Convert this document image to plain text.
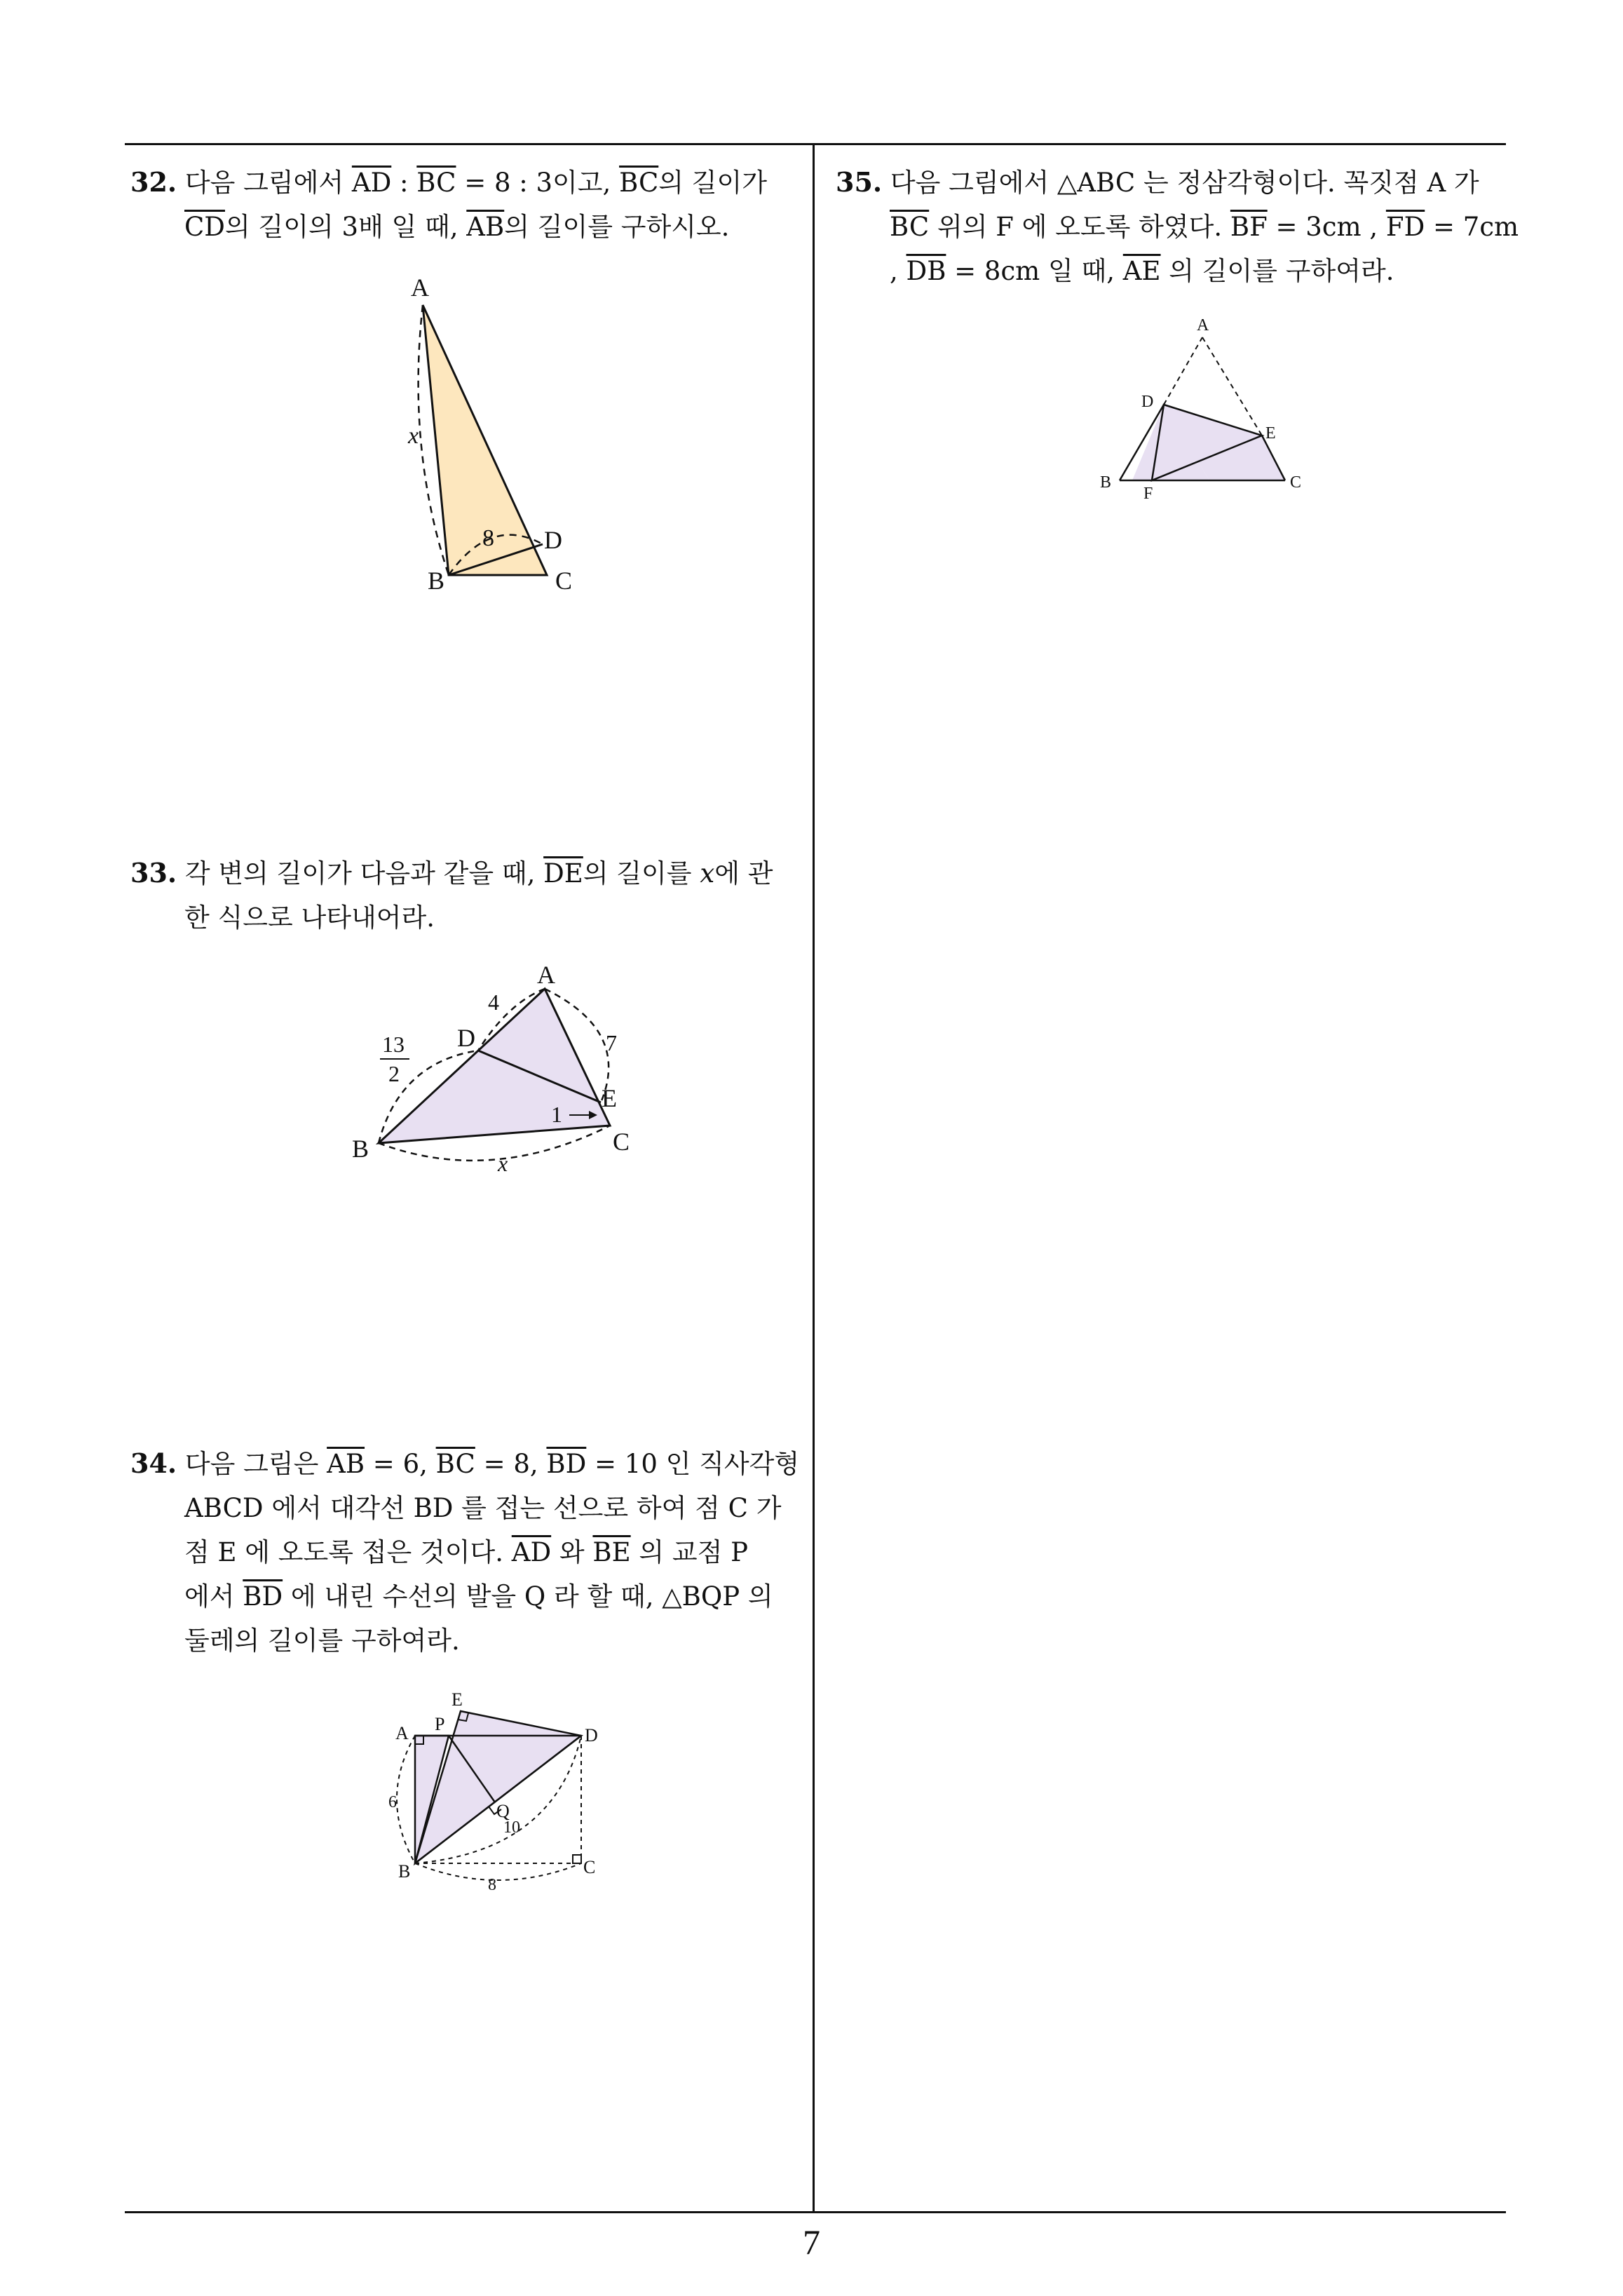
32. 다음 그림에서 $\overline{AD}$ : $\overline{BC} = 8$ : 3이고, $\overline{BC}$의 길이가
$\overline{CD}$의 길이의 3배 일 때, $\overline{AB}$의 길이를 구하시오.
A
x
8 D
B	C
33. 각 변의 길이가 다음과 같을 때, $\overline{DE}$의 길이를 x에 관
한 식으로 나타내어라.
A
4
7
D
13
2
E
1
B	C
x
34. 다음 그림은 $\overline{AB} = 6$, $\overline{BC} = 8$, $\overline{BD} = 10$ 인 직사각형
ABCD 에서 대각선 BD 를 접는 선으로 하여 점 C 가
점 E 에 오도록 접은 것이다. $\overline{AD}$ 와 $\overline{BE}$ 의 교점 P
에서 $\overline{BD}$ 에 내린 수선의 발을 Q 라 할 때, △BQP 의
둘레의 길이를 구하여라.
E
A P
D
Q
6
10
B	C
8
35. 다음 그림에서 △ABC 는 정삼각형이다. 꼭짓점 A 가
$\overline{BC}$ 위의 F 에 오도록 하였다. $\overline{BF} = 3cm$ , $\overline{FD} = 7cm$
, $\overline{DB} = 8cm$ 일 때, $\overline{AE}$ 의 길이를 구하여라.
A
D
E
B
F
C
7
